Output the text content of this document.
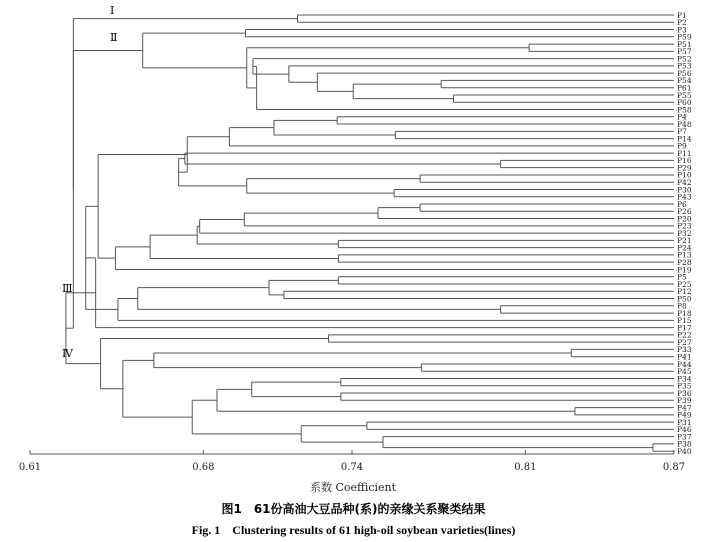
P1
P2
P3
P59
P51
P57
P52
P53
P56
P54
P61
P55
P60
P58
P4
P48
P7
P14
P9
P11
P16
P29
P10
P42
P30
P43
P6
P26
P20
P23
P32
P21
P24
P13
P28
P19
P5
P25
P12
P50
P8
P18
P15
P17
P22
P27
P33
P41
P44
P45
P34
P35
P36
P39
P47
P49
P31
P46
P37
P38
P40
Ⅰ
Ⅱ
Ⅲ
Ⅳ
0.61	0.68	0.74	0.81	0.87
系数 Coefficient
图1　61份高油大豆品种(系)的亲缘关系聚类结果
Fig. 1　Clustering results of 61 high-oil soybean varieties(lines)
